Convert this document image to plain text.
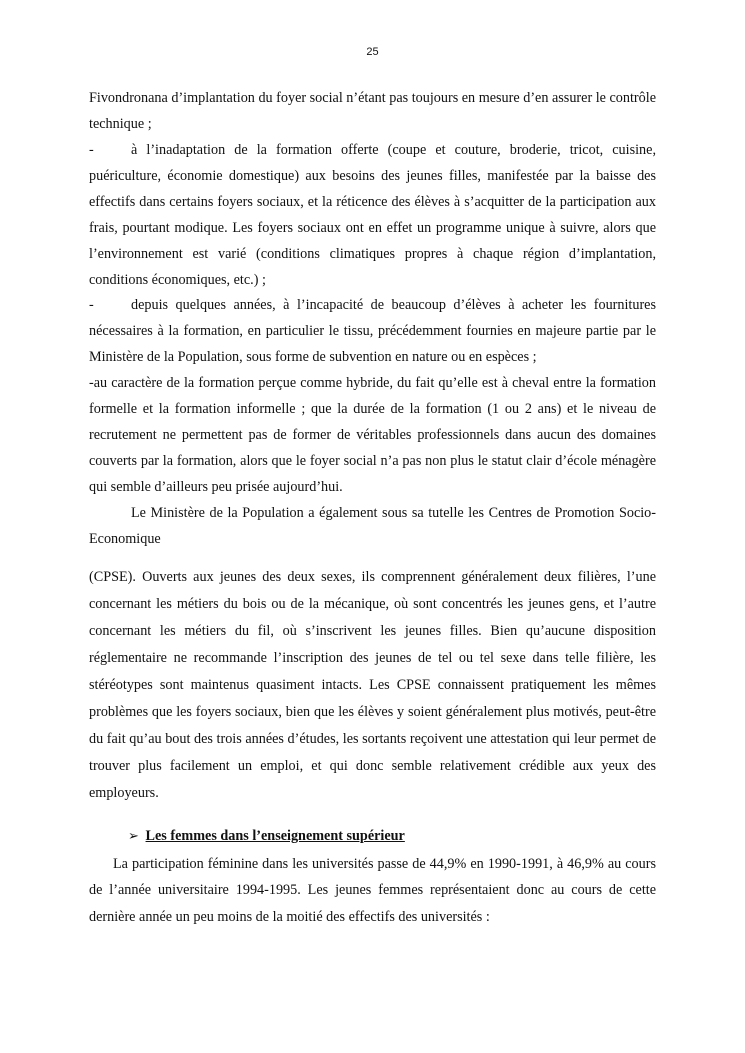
25

Fivondronana d’implantation du foyer social n’étant pas toujours en mesure d’en assurer le contrôle technique ;

-	à l’inadaptation de la formation offerte (coupe et couture, broderie, tricot, cuisine, puériculture, économie domestique) aux besoins des jeunes filles, manifestée par la baisse des effectifs dans certains foyers sociaux, et la réticence des élèves à s’acquitter de la participation aux frais, pourtant modique. Les foyers sociaux ont en effet un programme unique à suivre, alors que l’environnement est varié (conditions climatiques propres à chaque région d’implantation, conditions économiques, etc.) ;

-	depuis quelques années, à l’incapacité de beaucoup d’élèves à acheter les fournitures nécessaires à la formation, en particulier le tissu, précédemment fournies en majeure partie par le Ministère de la Population, sous forme de subvention en nature ou en espèces ;

-au caractère de la formation perçue comme hybride, du fait qu’elle est à cheval entre la formation formelle et la formation informelle ; que la durée de la formation (1 ou 2 ans) et le niveau de recrutement ne permettent pas de former de véritables professionnels dans aucun des domaines couverts par la formation, alors que le foyer social n’a pas non plus le statut clair d’école ménagère qui semble d’ailleurs peu prisée aujourd’hui.

Le Ministère de la Population a également sous sa tutelle les Centres de Promotion Socio-Economique

(CPSE). Ouverts aux jeunes des deux sexes, ils comprennent généralement deux filières, l’une concernant les métiers du bois ou de la mécanique, où sont concentrés les jeunes gens, et l’autre concernant les métiers du fil, où s’inscrivent les jeunes filles. Bien qu’aucune disposition réglementaire ne recommande l’inscription des jeunes de tel ou tel sexe dans telle filière, les stéréotypes sont maintenus quasiment intacts. Les CPSE connaissent pratiquement les mêmes problèmes que les foyers sociaux, bien que les élèves y soient généralement plus motivés, peut-être du fait qu’au bout des trois années d’études, les sortants reçoivent une attestation qui leur permet de trouver plus facilement un emploi, et qui donc semble relativement crédible aux yeux des employeurs.

➢ Les femmes dans l’enseignement supérieur

La participation féminine dans les universités passe de 44,9% en 1990-1991, à 46,9% au cours de l’année universitaire 1994-1995. Les jeunes femmes représentaient donc au cours de cette dernière année un peu moins de la moitié des effectifs des universités :
